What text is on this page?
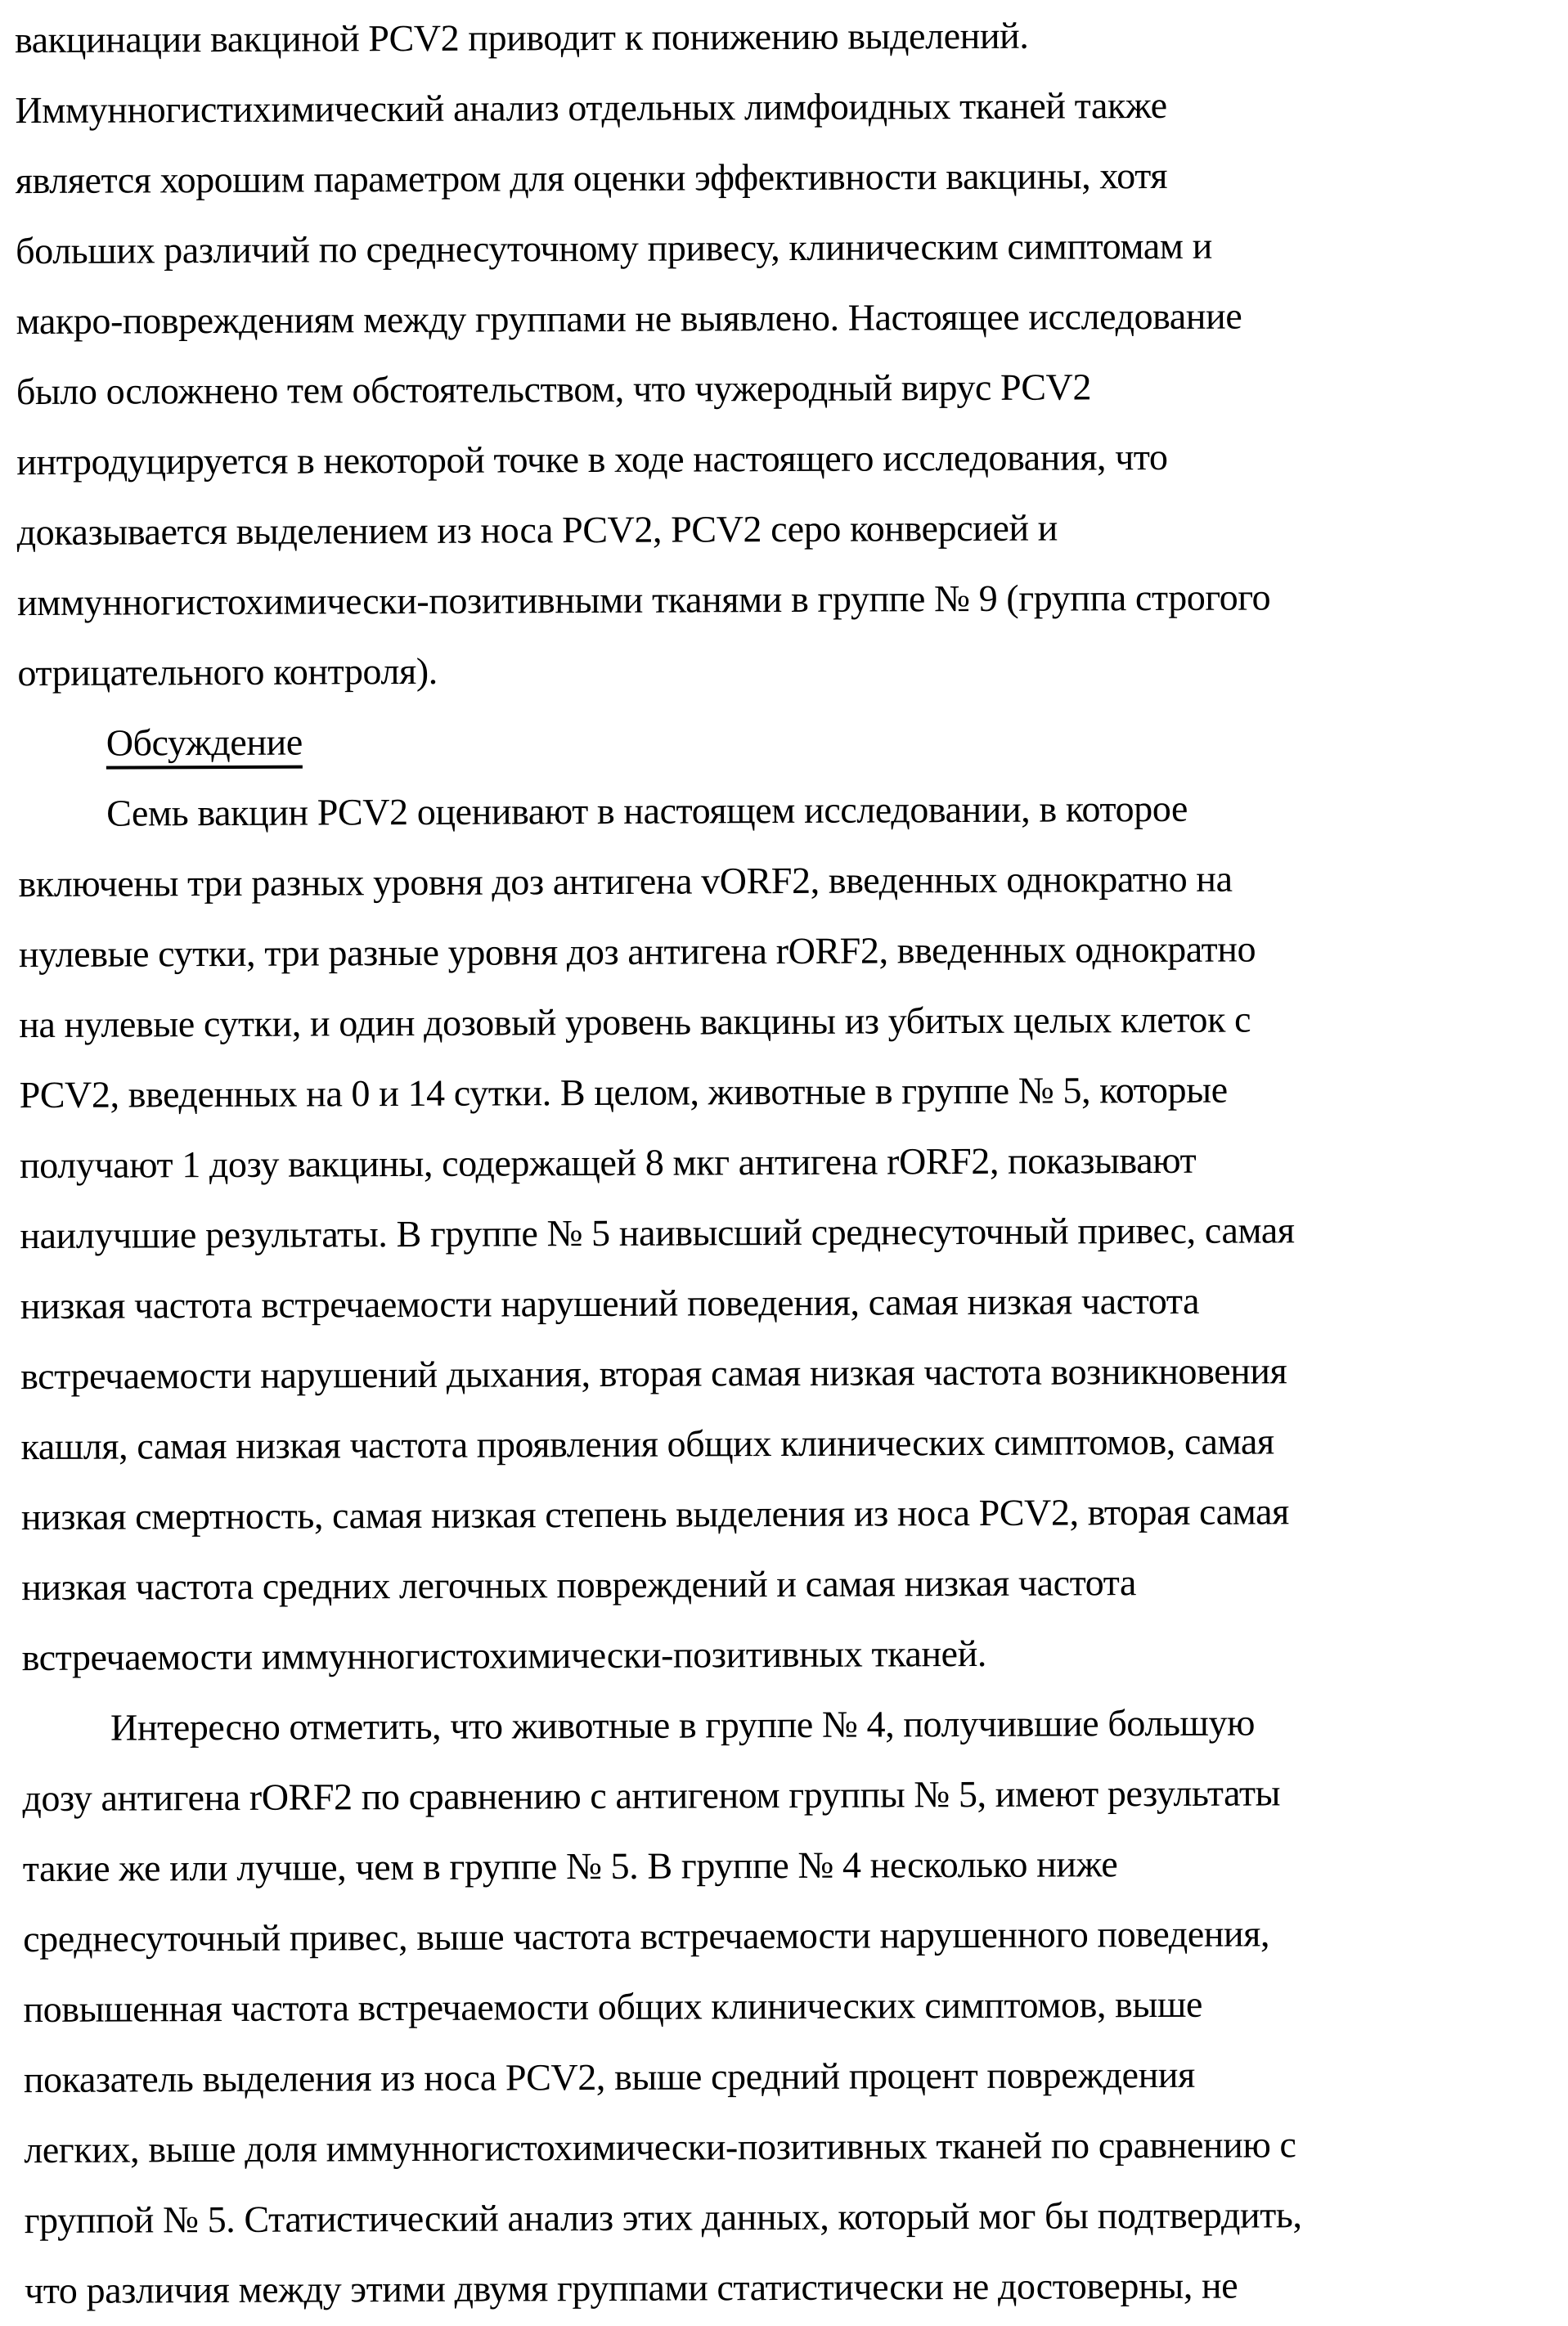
вакцинации вакциной PCV2 приводит к понижению выделений.
Иммунногистихимический анализ отдельных лимфоидных тканей также
является хорошим параметром для оценки эффективности вакцины, хотя
больших различий по среднесуточному привесу, клиническим симптомам и
макро-повреждениям между группами не выявлено. Настоящее исследование
было осложнено тем обстоятельством, что чужеродный вирус PCV2
интродуцируется в некоторой точке в ходе настоящего исследования, что
доказывается выделением из носа PCV2, PCV2 серо конверсией и
иммунногистохимически-позитивными тканями в группе № 9 (группа строгого
отрицательного контроля).
Обсуждение
Семь вакцин PCV2 оценивают в настоящем исследовании, в которое
включены три разных уровня доз антигена vORF2, введенных однократно на
нулевые сутки, три разные уровня доз антигена rORF2, введенных однократно
на нулевые сутки, и один дозовый уровень вакцины из убитых целых клеток с
PCV2, введенных на 0 и 14 сутки. В целом, животные в группе № 5, которые
получают 1 дозу вакцины, содержащей 8 мкг антигена rORF2, показывают
наилучшие результаты. В группе № 5 наивысший среднесуточный привес, самая
низкая частота встречаемости нарушений поведения, самая низкая частота
встречаемости нарушений дыхания, вторая самая низкая частота возникновения
кашля, самая низкая частота проявления общих клинических симптомов, самая
низкая смертность, самая низкая степень выделения из носа PCV2, вторая самая
низкая частота средних легочных повреждений и самая низкая частота
встречаемости иммунногистохимически-позитивных тканей.
Интересно отметить, что животные в группе № 4, получившие большую
дозу антигена rORF2 по сравнению с антигеном группы № 5, имеют результаты
такие же или лучше, чем в группе № 5. В группе № 4 несколько ниже
среднесуточный привес, выше частота встречаемости нарушенного поведения,
повышенная частота встречаемости общих клинических симптомов, выше
показатель выделения из носа PCV2, выше средний процент повреждения
легких, выше доля иммунногистохимически-позитивных тканей по сравнению с
группой № 5. Статистический анализ этих данных, который мог бы подтвердить,
что различия между этими двумя группами статистически не достоверны, не
